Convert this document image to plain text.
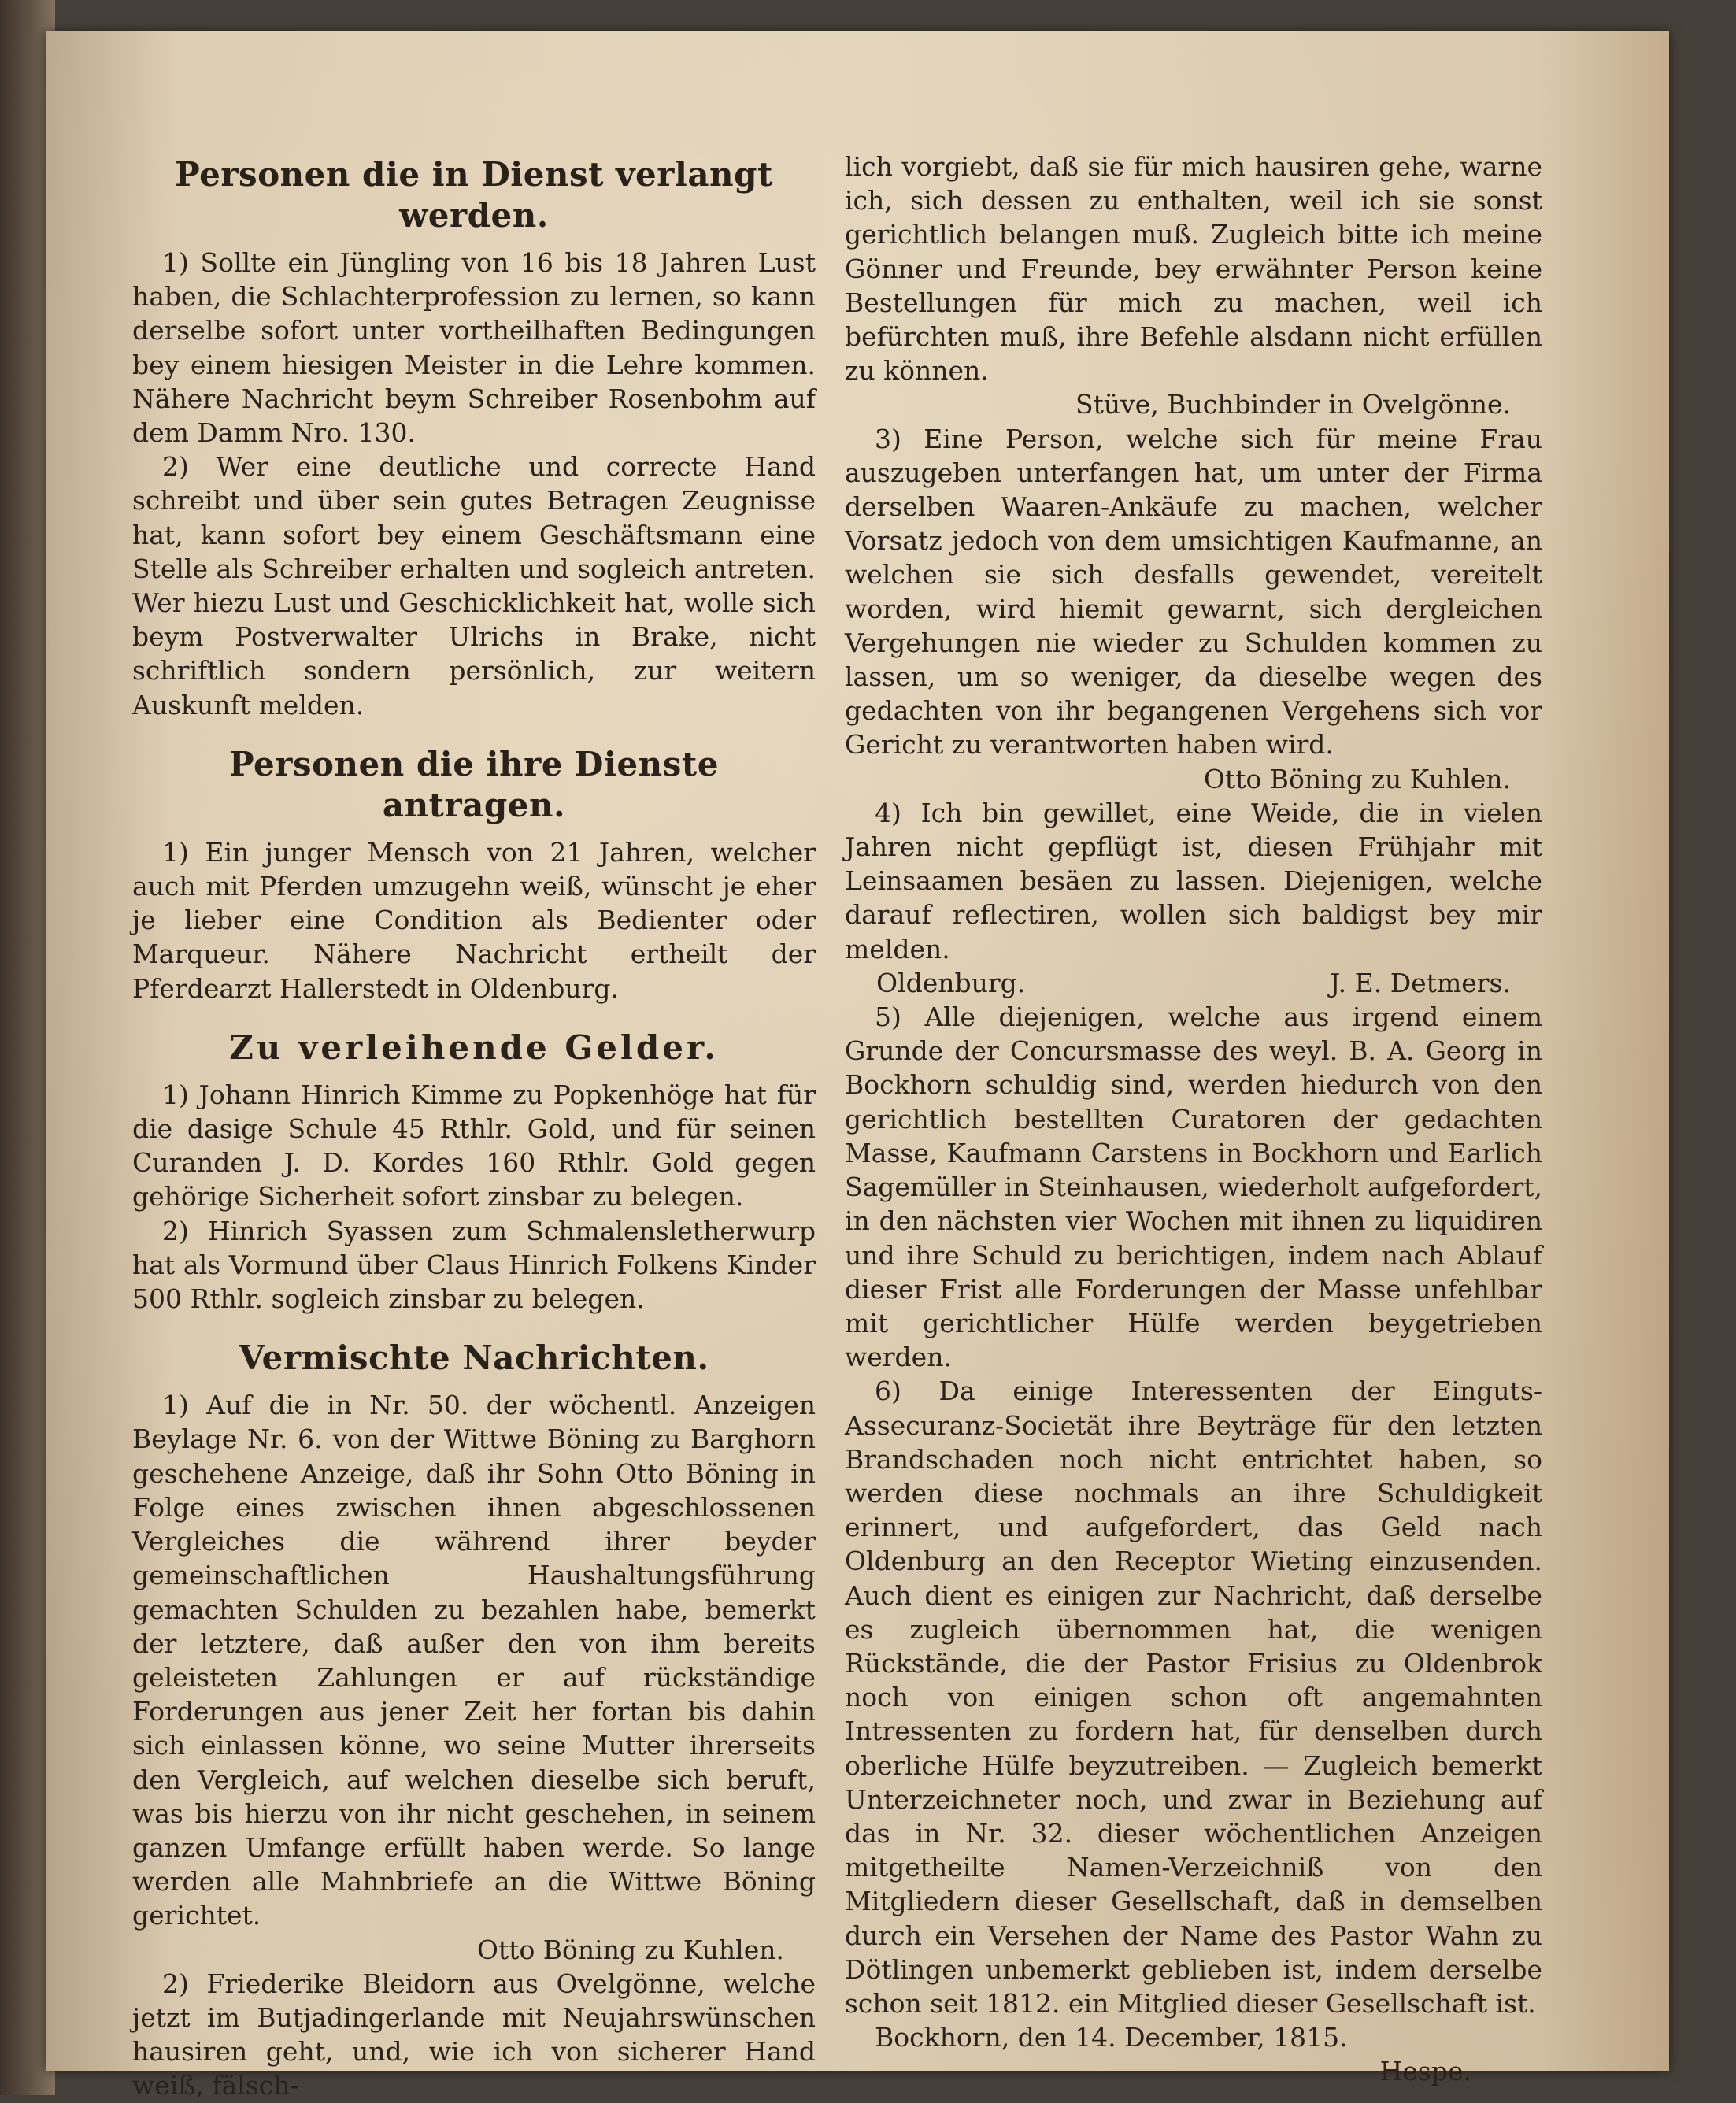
Personen die in Dienst verlangt werden.

1) Sollte ein Jüngling von 16 bis 18 Jahren Lust haben, die Schlachterprofession zu lernen, so kann derselbe sofort unter vortheilhaften Bedingungen bey einem hiesigen Meister in die Lehre kommen. Nähere Nachricht beym Schreiber Rosenbohm auf dem Damm Nro. 130.

2) Wer eine deutliche und correcte Hand schreibt und über sein gutes Betragen Zeugnisse hat, kann sofort bey einem Geschäftsmann eine Stelle als Schreiber erhalten und sogleich antreten. Wer hiezu Lust und Geschicklichkeit hat, wolle sich beym Postverwalter Ulrichs in Brake, nicht schriftlich sondern persönlich, zur weitern Auskunft melden.

Personen die ihre Dienste antragen.

1) Ein junger Mensch von 21 Jahren, welcher auch mit Pferden umzugehn weiß, wünscht je eher je lieber eine Condition als Bedienter oder Marqueur. Nähere Nachricht ertheilt der Pferdearzt Hallerstedt in Oldenburg.

Zu verleihende Gelder.

1) Johann Hinrich Kimme zu Popkenhöge hat für die dasige Schule 45 Rthlr. Gold, und für seinen Curanden J. D. Kordes 160 Rthlr. Gold gegen gehörige Sicherheit sofort zinsbar zu belegen.

2) Hinrich Syassen zum Schmalensletherwurp hat als Vormund über Claus Hinrich Folkens Kinder 500 Rthlr. sogleich zinsbar zu belegen.

Vermischte Nachrichten.

1) Auf die in Nr. 50. der wöchentl. Anzeigen Beylage Nr. 6. von der Wittwe Böning zu Barghorn geschehene Anzeige, daß ihr Sohn Otto Böning in Folge eines zwischen ihnen abgeschlossenen Vergleiches die während ihrer beyder gemeinschaftlichen Haushaltungsführung gemachten Schulden zu bezahlen habe, bemerkt der letztere, daß außer den von ihm bereits geleisteten Zahlungen er auf rückständige Forderungen aus jener Zeit her fortan bis dahin sich einlassen könne, wo seine Mutter ihrerseits den Vergleich, auf welchen dieselbe sich beruft, was bis hierzu von ihr nicht geschehen, in seinem ganzen Umfange erfüllt haben werde. So lange werden alle Mahnbriefe an die Wittwe Böning gerichtet.

Otto Böning zu Kuhlen.

2) Friederike Bleidorn aus Ovelgönne, welche jetzt im Butjadingerlande mit Neujahrswünschen hausiren geht, und, wie ich von sicherer Hand weiß, fälsch-

lich vorgiebt, daß sie für mich hausiren gehe, warne ich, sich dessen zu enthalten, weil ich sie sonst gerichtlich belangen muß. Zugleich bitte ich meine Gönner und Freunde, bey erwähnter Person keine Bestellungen für mich zu machen, weil ich befürchten muß, ihre Befehle alsdann nicht erfüllen zu können.

Stüve, Buchbinder in Ovelgönne.

3) Eine Person, welche sich für meine Frau auszugeben unterfangen hat, um unter der Firma derselben Waaren-Ankäufe zu machen, welcher Vorsatz jedoch von dem umsichtigen Kaufmanne, an welchen sie sich desfalls gewendet, vereitelt worden, wird hiemit gewarnt, sich dergleichen Vergehungen nie wieder zu Schulden kommen zu lassen, um so weniger, da dieselbe wegen des gedachten von ihr begangenen Vergehens sich vor Gericht zu verantworten haben wird.

Otto Böning zu Kuhlen.

4) Ich bin gewillet, eine Weide, die in vielen Jahren nicht gepflügt ist, diesen Frühjahr mit Leinsaamen besäen zu lassen. Diejenigen, welche darauf reflectiren, wollen sich baldigst bey mir melden.

Oldenburg.	J. E. Detmers.

5) Alle diejenigen, welche aus irgend einem Grunde der Concursmasse des weyl. B. A. Georg in Bockhorn schuldig sind, werden hiedurch von den gerichtlich bestellten Curatoren der gedachten Masse, Kaufmann Carstens in Bockhorn und Earlich Sagemüller in Steinhausen, wiederholt aufgefordert, in den nächsten vier Wochen mit ihnen zu liquidiren und ihre Schuld zu berichtigen, indem nach Ablauf dieser Frist alle Forderungen der Masse unfehlbar mit gerichtlicher Hülfe werden beygetrieben werden.

6) Da einige Interessenten der Einguts-Assecuranz-Societät ihre Beyträge für den letzten Brandschaden noch nicht entrichtet haben, so werden diese nochmals an ihre Schuldigkeit erinnert, und aufgefordert, das Geld nach Oldenburg an den Receptor Wieting einzusenden. Auch dient es einigen zur Nachricht, daß derselbe es zugleich übernommen hat, die wenigen Rückstände, die der Pastor Frisius zu Oldenbrok noch von einigen schon oft angemahnten Intressenten zu fordern hat, für denselben durch oberliche Hülfe beyzutreiben. — Zugleich bemerkt Unterzeichneter noch, und zwar in Beziehung auf das in Nr. 32. dieser wöchentlichen Anzeigen mitgetheilte Namen-Verzeichniß von den Mitgliedern dieser Gesellschaft, daß in demselben durch ein Versehen der Name des Pastor Wahn zu Dötlingen unbemerkt geblieben ist, indem derselbe schon seit 1812. ein Mitglied dieser Gesellschaft ist.

Bockhorn, den 14. December, 1815.
Hespe.
